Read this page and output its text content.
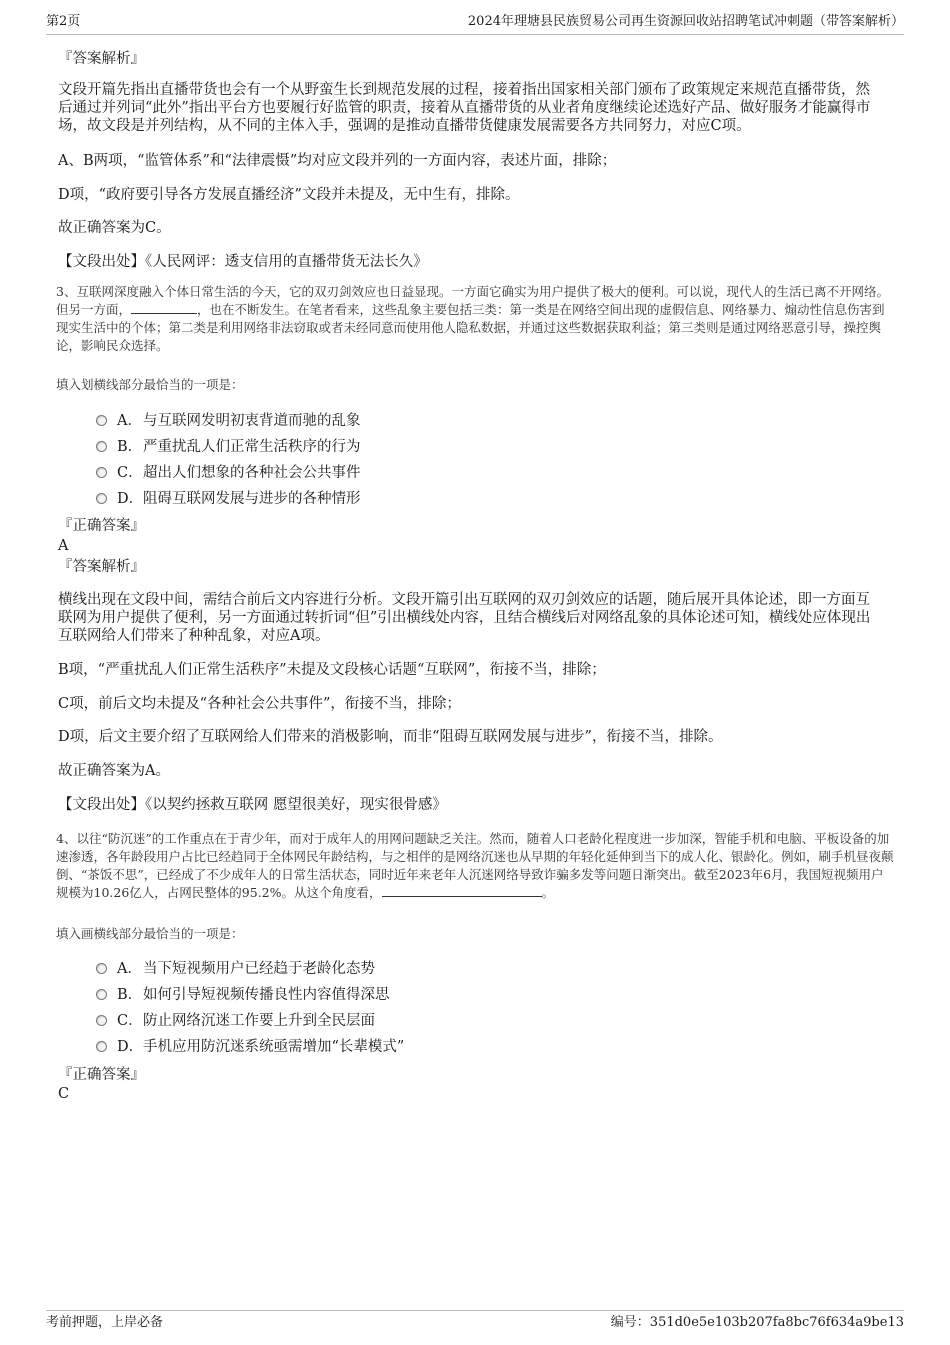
第2页	2024年理塘县民族贸易公司再生资源回收站招聘笔试冲刺题（带答案解析）
『答案解析』
文段开篇先指出直播带货也会有一个从野蛮生长到规范发展的过程，接着指出国家相关部门颁布了政策规定来规范直播带货，然后通过并列词“此外”指出平台方也要履行好监管的职责，接着从直播带货的从业者角度继续论述选好产品、做好服务才能赢得市场，故文段是并列结构，从不同的主体入手，强调的是推动直播带货健康发展需要各方共同努力，对应C项。
A、B两项，“监管体系”和“法律震慑”均对应文段并列的一方面内容，表述片面，排除；
D项，“政府要引导各方发展直播经济”文段并未提及，无中生有，排除。
故正确答案为C。
【文段出处】《人民网评：透支信用的直播带货无法长久》
3、互联网深度融入个体日常生活的今天，它的双刃剑效应也日益显现。一方面它确实为用户提供了极大的便利。可以说，现代人的生活已离不开网络。但另一方面，	，也在不断发生。在笔者看来，这些乱象主要包括三类：第一类是在网络空间出现的虚假信息、网络暴力、煽动性信息伤害到现实生活中的个体；第二类是利用网络非法窃取或者未经同意而使用他人隐私数据，并通过这些数据获取利益；第三类则是通过网络恶意引导，操控舆论，影响民众选择。
填入划横线部分最恰当的一项是：
A．与互联网发明初衷背道而驰的乱象
B．严重扰乱人们正常生活秩序的行为
C．超出人们想象的各种社会公共事件
D．阻碍互联网发展与进步的各种情形
『正确答案』
A
『答案解析』
横线出现在文段中间，需结合前后文内容进行分析。文段开篇引出互联网的双刃剑效应的话题，随后展开具体论述，即一方面互联网为用户提供了便利，另一方面通过转折词“但”引出横线处内容，且结合横线后对网络乱象的具体论述可知，横线处应体现出互联网给人们带来了种种乱象，对应A项。
B项，“严重扰乱人们正常生活秩序”未提及文段核心话题“互联网”，衔接不当，排除；
C项，前后文均未提及“各种社会公共事件”，衔接不当，排除；
D项，后文主要介绍了互联网给人们带来的消极影响，而非“阻碍互联网发展与进步”，衔接不当，排除。
故正确答案为A。
【文段出处】《以契约拯救互联网 愿望很美好，现实很骨感》
4、以往“防沉迷”的工作重点在于青少年，而对于成年人的用网问题缺乏关注。然而，随着人口老龄化程度进一步加深，智能手机和电脑、平板设备的加速渗透，各年龄段用户占比已经趋同于全体网民年龄结构，与之相伴的是网络沉迷也从早期的年轻化延伸到当下的成人化、银龄化。例如，刷手机昼夜颠倒、“茶饭不思”，已经成了不少成年人的日常生活状态，同时近年来老年人沉迷网络导致诈骗多发等问题日渐突出。截至2023年6月，我国短视频用户规模为10.26亿人，占网民整体的95.2%。从这个角度看，	。
填入画横线部分最恰当的一项是：
A．当下短视频用户已经趋于老龄化态势
B．如何引导短视频传播良性内容值得深思
C．防止网络沉迷工作要上升到全民层面
D．手机应用防沉迷系统亟需增加“长辈模式”
『正确答案』
C
考前押题，上岸必备	编号：351d0e5e103b207fa8bc76f634a9be13
